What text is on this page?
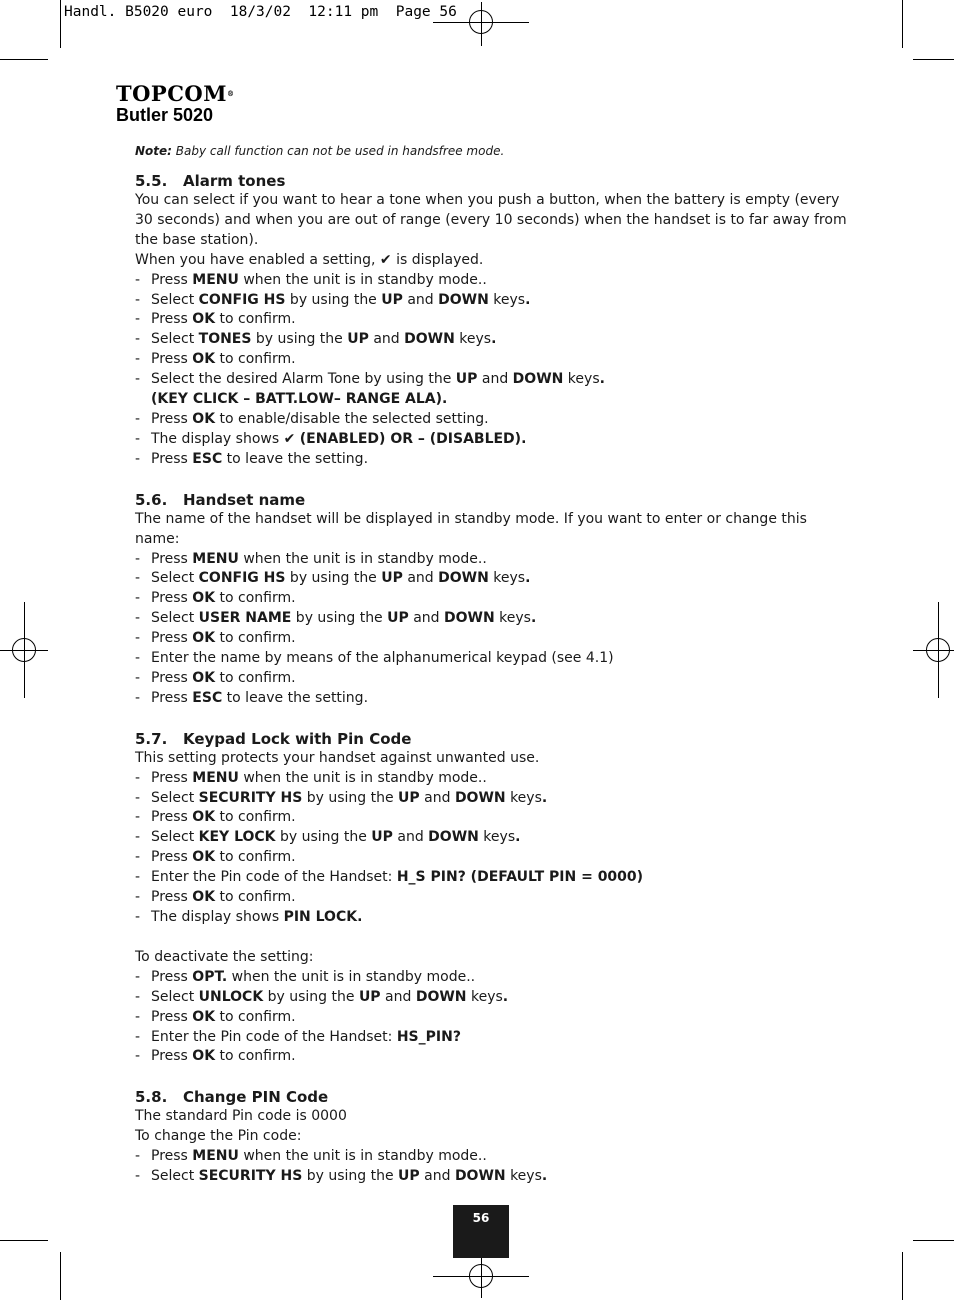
Handl. B5020 euro  18/3/02  12:11 pm  Page 56
TOPCOM®
Butler 5020
Note: Baby call function can not be used in handsfree mode.
5.5. Alarm tones
You can select if you want to hear a tone when you push a button, when the battery is empty (every 30 seconds) and when you are out of range (every 10 seconds) when the handset is to far away from the base station).
When you have enabled a setting, ✔ is displayed.
- Press MENU when the unit is in standby mode..
- Select CONFIG HS by using the UP and DOWN keys.
- Press OK to confirm.
- Select TONES by using the UP and DOWN keys.
- Press OK to confirm.
- Select the desired Alarm Tone by using the UP and DOWN keys.
(KEY CLICK – BATT.LOW– RANGE ALA).
- Press OK to enable/disable the selected setting.
- The display shows ✔ (ENABLED) OR – (DISABLED).
- Press ESC to leave the setting.
5.6. Handset name
The name of the handset will be displayed in standby mode. If you want to enter or change this name:
- Press MENU when the unit is in standby mode..
- Select CONFIG HS by using the UP and DOWN keys.
- Press OK to confirm.
- Select USER NAME by using the UP and DOWN keys.
- Press OK to confirm.
- Enter the name by means of the alphanumerical keypad (see 4.1)
- Press OK to confirm.
- Press ESC to leave the setting.
5.7. Keypad Lock with Pin Code
This setting protects your handset against unwanted use.
- Press MENU when the unit is in standby mode..
- Select SECURITY HS by using the UP and DOWN keys.
- Press OK to confirm.
- Select KEY LOCK by using the UP and DOWN keys.
- Press OK to confirm.
- Enter the Pin code of the Handset: H_S PIN? (DEFAULT PIN = 0000)
- Press OK to confirm.
- The display shows PIN LOCK.
To deactivate the setting:
- Press OPT. when the unit is in standby mode..
- Select UNLOCK by using the UP and DOWN keys.
- Press OK to confirm.
- Enter the Pin code of the Handset: HS_PIN?
- Press OK to confirm.
5.8. Change PIN Code
The standard Pin code is 0000
To change the Pin code:
- Press MENU when the unit is in standby mode..
- Select SECURITY HS by using the UP and DOWN keys.
56
